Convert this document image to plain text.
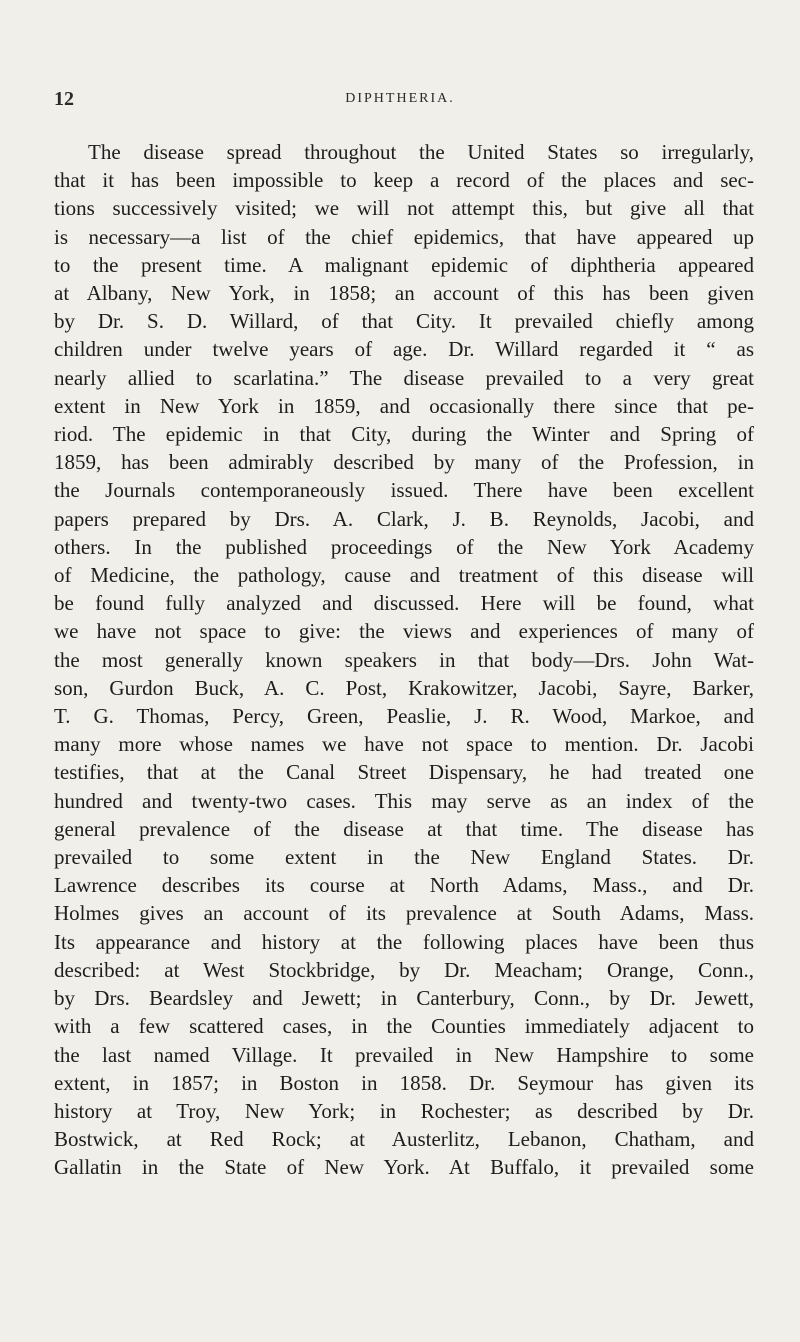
12	DIPHTHERIA.
The disease spread throughout the United States so irregularly,
that it has been impossible to keep a record of the places and sec-
tions successively visited; we will not attempt this, but give all that
is necessary—a list of the chief epidemics, that have appeared up
to the present time. A malignant epidemic of diphtheria appeared
at Albany, New York, in 1858; an account of this has been given
by Dr. S. D. Willard, of that City. It prevailed chiefly among
children under twelve years of age. Dr. Willard regarded it “ as
nearly allied to scarlatina.” The disease prevailed to a very great
extent in New York in 1859, and occasionally there since that pe-
riod. The epidemic in that City, during the Winter and Spring of
1859, has been admirably described by many of the Profession, in
the Journals contemporaneously issued. There have been excellent
papers prepared by Drs. A. Clark, J. B. Reynolds, Jacobi, and
others. In the published proceedings of the New York Academy
of Medicine, the pathology, cause and treatment of this disease will
be found fully analyzed and discussed. Here will be found, what
we have not space to give: the views and experiences of many of
the most generally known speakers in that body—Drs. John Wat-
son, Gurdon Buck, A. C. Post, Krakowitzer, Jacobi, Sayre, Barker,
T. G. Thomas, Percy, Green, Peaslie, J. R. Wood, Markoe, and
many more whose names we have not space to mention. Dr. Jacobi
testifies, that at the Canal Street Dispensary, he had treated one
hundred and twenty-two cases. This may serve as an index of the
general prevalence of the disease at that time. The disease has
prevailed to some extent in the New England States. Dr.
Lawrence describes its course at North Adams, Mass., and Dr.
Holmes gives an account of its prevalence at South Adams, Mass.
Its appearance and history at the following places have been thus
described: at West Stockbridge, by Dr. Meacham; Orange, Conn.,
by Drs. Beardsley and Jewett; in Canterbury, Conn., by Dr. Jewett,
with a few scattered cases, in the Counties immediately adjacent to
the last named Village. It prevailed in New Hampshire to some
extent, in 1857; in Boston in 1858. Dr. Seymour has given its
history at Troy, New York; in Rochester; as described by Dr.
Bostwick, at Red Rock; at Austerlitz, Lebanon, Chatham, and
Gallatin in the State of New York. At Buffalo, it prevailed some
